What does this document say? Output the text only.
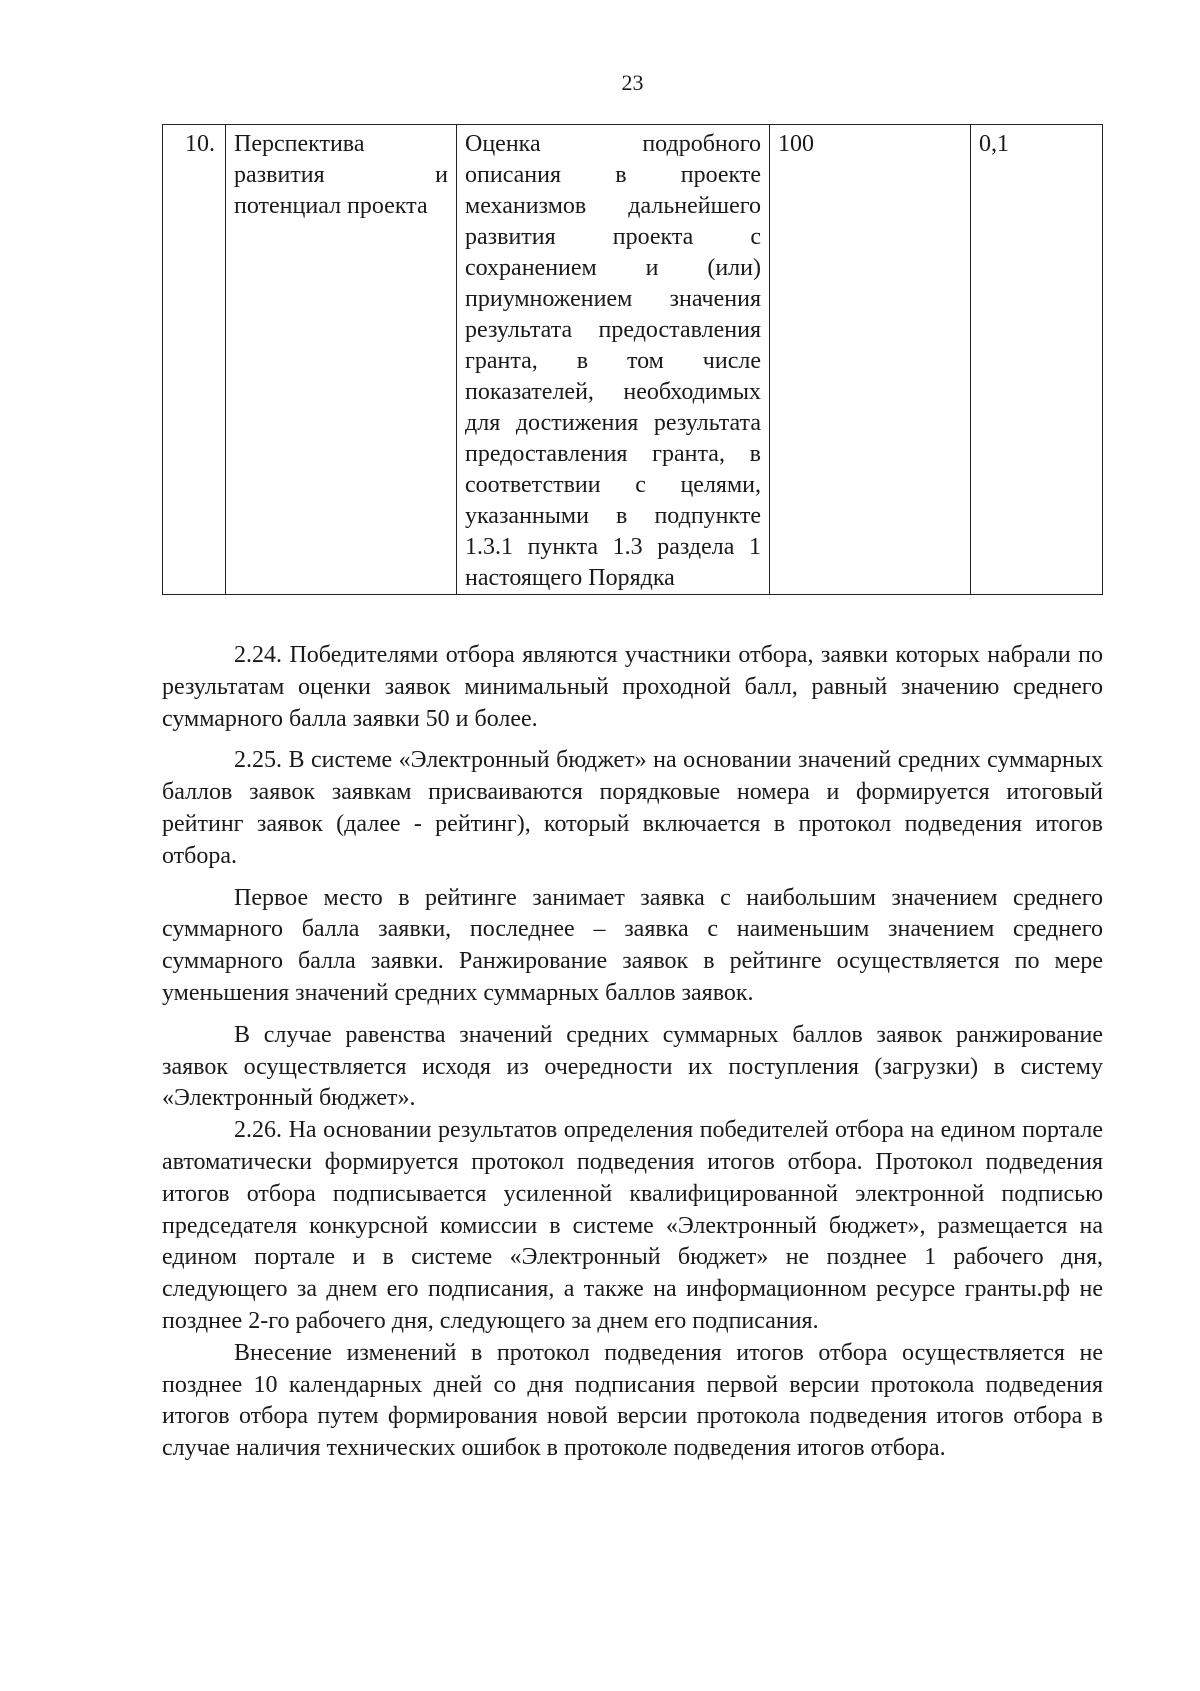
23
10.	Перспектива развития и потенциал проекта	Оценка подробного описания в проекте механизмов дальнейшего развития проекта с сохранением и (или) приумножением значения результата предоставления гранта, в том числе показателей, необходимых для достижения результата предоставления гранта, в соответствии с целями, указанными в подпункте 1.3.1 пункта 1.3 раздела 1 настоящего Порядка	100	0,1

2.24. Победителями отбора являются участники отбора, заявки которых набрали по результатам оценки заявок минимальный проходной балл, равный значению среднего суммарного балла заявки 50 и более.

2.25. В системе «Электронный бюджет» на основании значений средних суммарных баллов заявок заявкам присваиваются порядковые номера и формируется итоговый рейтинг заявок (далее - рейтинг), который включается в протокол подведения итогов отбора.

Первое место в рейтинге занимает заявка с наибольшим значением среднего суммарного балла заявки, последнее – заявка с наименьшим значением среднего суммарного балла заявки. Ранжирование заявок в рейтинге осуществляется по мере уменьшения значений средних суммарных баллов заявок.

В случае равенства значений средних суммарных баллов заявок ранжирование заявок осуществляется исходя из очередности их поступления (загрузки) в систему «Электронный бюджет».

2.26. На основании результатов определения победителей отбора на едином портале автоматически формируется протокол подведения итогов отбора. Протокол подведения итогов отбора подписывается усиленной квалифицированной электронной подписью председателя конкурсной комиссии в системе «Электронный бюджет», размещается на едином портале и в системе «Электронный бюджет» не позднее 1 рабочего дня, следующего за днем его подписания, а также на информационном ресурсе гранты.рф не позднее 2-го рабочего дня, следующего за днем его подписания.

Внесение изменений в протокол подведения итогов отбора осуществляется не позднее 10 календарных дней со дня подписания первой версии протокола подведения итогов отбора путем формирования новой версии протокола подведения итогов отбора в случае наличия технических ошибок в протоколе подведения итогов отбора.
